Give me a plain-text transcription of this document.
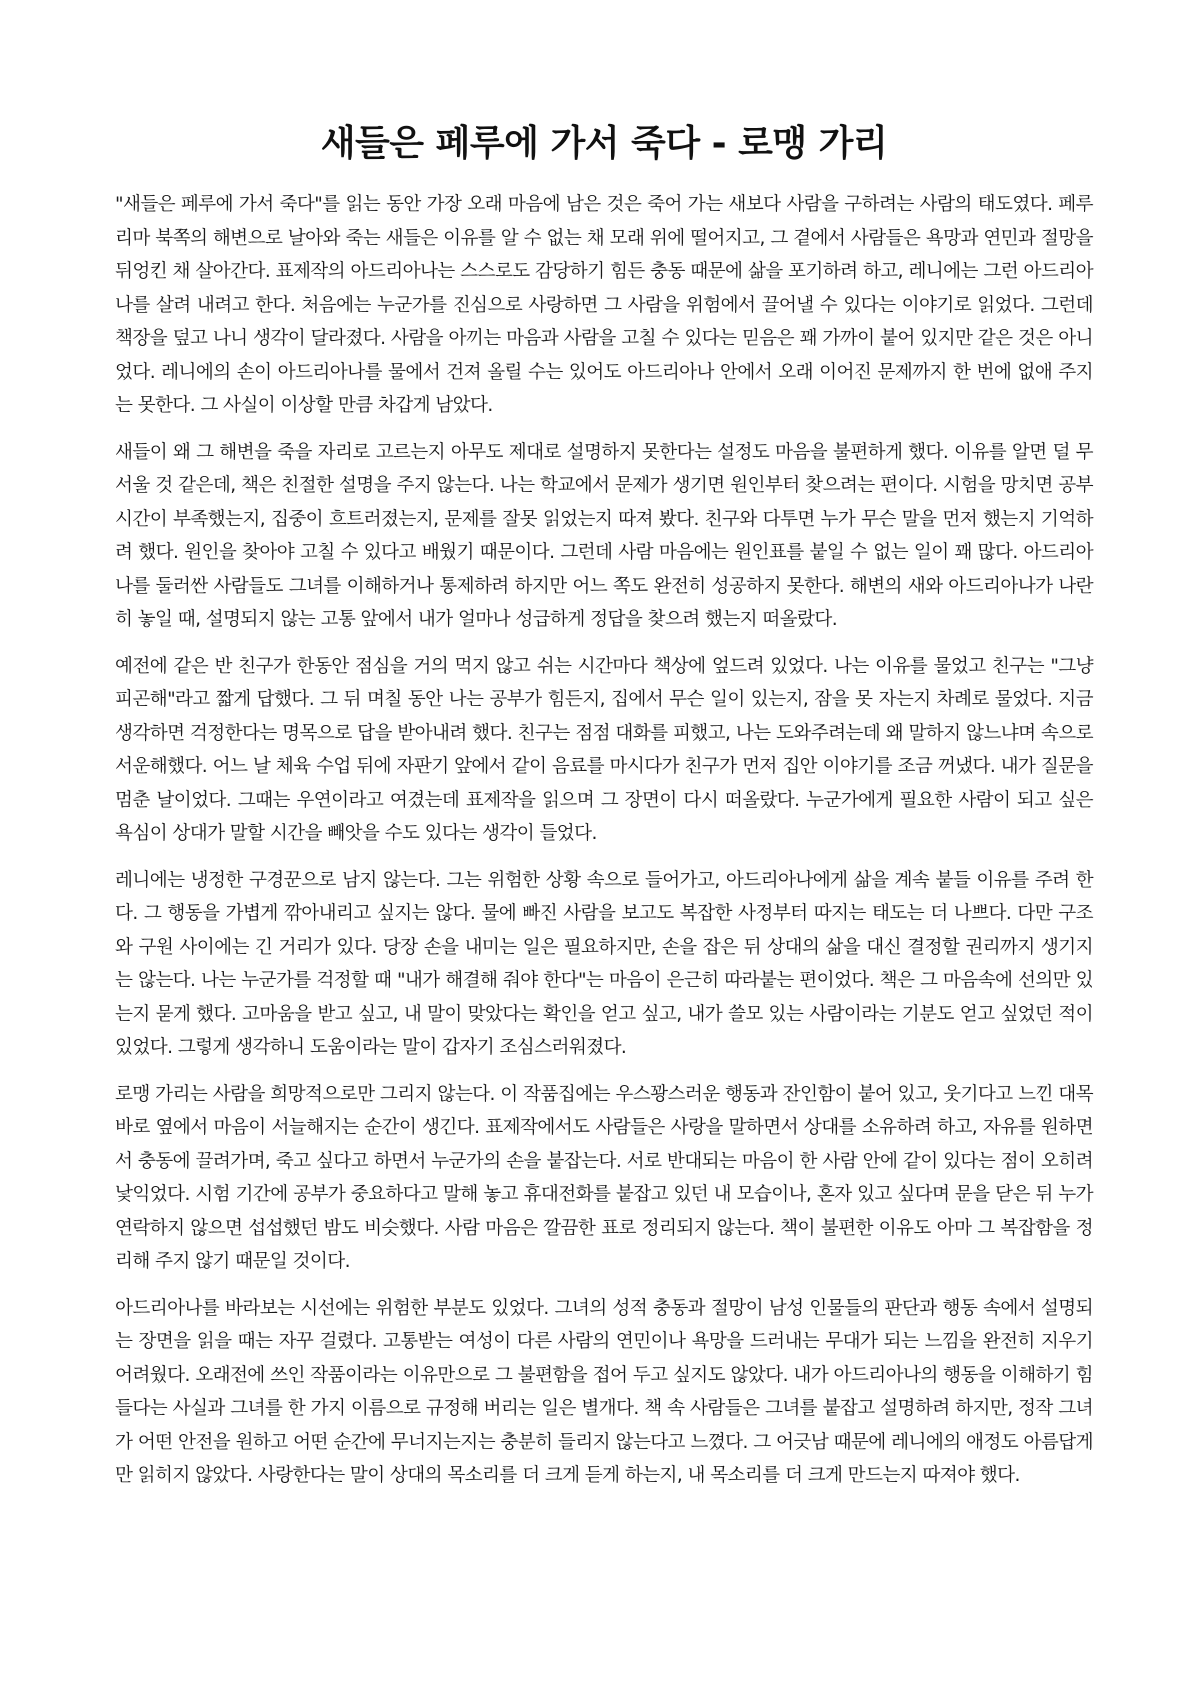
새들은 페루에 가서 죽다 - 로맹 가리

"새들은 페루에 가서 죽다"를 읽는 동안 가장 오래 마음에 남은 것은 죽어 가는 새보다 사람을 구하려는 사람의 태도였다. 페루 리마 북쪽의 해변으로 날아와 죽는 새들은 이유를 알 수 없는 채 모래 위에 떨어지고, 그 곁에서 사람들은 욕망과 연민과 절망을 뒤엉킨 채 살아간다. 표제작의 아드리아나는 스스로도 감당하기 힘든 충동 때문에 삶을 포기하려 하고, 레니에는 그런 아드리아나를 살려 내려고 한다. 처음에는 누군가를 진심으로 사랑하면 그 사람을 위험에서 끌어낼 수 있다는 이야기로 읽었다. 그런데 책장을 덮고 나니 생각이 달라졌다. 사람을 아끼는 마음과 사람을 고칠 수 있다는 믿음은 꽤 가까이 붙어 있지만 같은 것은 아니었다. 레니에의 손이 아드리아나를 물에서 건져 올릴 수는 있어도 아드리아나 안에서 오래 이어진 문제까지 한 번에 없애 주지는 못한다. 그 사실이 이상할 만큼 차갑게 남았다.

새들이 왜 그 해변을 죽을 자리로 고르는지 아무도 제대로 설명하지 못한다는 설정도 마음을 불편하게 했다. 이유를 알면 덜 무서울 것 같은데, 책은 친절한 설명을 주지 않는다. 나는 학교에서 문제가 생기면 원인부터 찾으려는 편이다. 시험을 망치면 공부 시간이 부족했는지, 집중이 흐트러졌는지, 문제를 잘못 읽었는지 따져 봤다. 친구와 다투면 누가 무슨 말을 먼저 했는지 기억하려 했다. 원인을 찾아야 고칠 수 있다고 배웠기 때문이다. 그런데 사람 마음에는 원인표를 붙일 수 없는 일이 꽤 많다. 아드리아나를 둘러싼 사람들도 그녀를 이해하거나 통제하려 하지만 어느 쪽도 완전히 성공하지 못한다. 해변의 새와 아드리아나가 나란히 놓일 때, 설명되지 않는 고통 앞에서 내가 얼마나 성급하게 정답을 찾으려 했는지 떠올랐다.

예전에 같은 반 친구가 한동안 점심을 거의 먹지 않고 쉬는 시간마다 책상에 엎드려 있었다. 나는 이유를 물었고 친구는 "그냥 피곤해"라고 짧게 답했다. 그 뒤 며칠 동안 나는 공부가 힘든지, 집에서 무슨 일이 있는지, 잠을 못 자는지 차례로 물었다. 지금 생각하면 걱정한다는 명목으로 답을 받아내려 했다. 친구는 점점 대화를 피했고, 나는 도와주려는데 왜 말하지 않느냐며 속으로 서운해했다. 어느 날 체육 수업 뒤에 자판기 앞에서 같이 음료를 마시다가 친구가 먼저 집안 이야기를 조금 꺼냈다. 내가 질문을 멈춘 날이었다. 그때는 우연이라고 여겼는데 표제작을 읽으며 그 장면이 다시 떠올랐다. 누군가에게 필요한 사람이 되고 싶은 욕심이 상대가 말할 시간을 빼앗을 수도 있다는 생각이 들었다.

레니에는 냉정한 구경꾼으로 남지 않는다. 그는 위험한 상황 속으로 들어가고, 아드리아나에게 삶을 계속 붙들 이유를 주려 한다. 그 행동을 가볍게 깎아내리고 싶지는 않다. 물에 빠진 사람을 보고도 복잡한 사정부터 따지는 태도는 더 나쁘다. 다만 구조와 구원 사이에는 긴 거리가 있다. 당장 손을 내미는 일은 필요하지만, 손을 잡은 뒤 상대의 삶을 대신 결정할 권리까지 생기지는 않는다. 나는 누군가를 걱정할 때 "내가 해결해 줘야 한다"는 마음이 은근히 따라붙는 편이었다. 책은 그 마음속에 선의만 있는지 묻게 했다. 고마움을 받고 싶고, 내 말이 맞았다는 확인을 얻고 싶고, 내가 쓸모 있는 사람이라는 기분도 얻고 싶었던 적이 있었다. 그렇게 생각하니 도움이라는 말이 갑자기 조심스러워졌다.

로맹 가리는 사람을 희망적으로만 그리지 않는다. 이 작품집에는 우스꽝스러운 행동과 잔인함이 붙어 있고, 웃기다고 느낀 대목 바로 옆에서 마음이 서늘해지는 순간이 생긴다. 표제작에서도 사람들은 사랑을 말하면서 상대를 소유하려 하고, 자유를 원하면서 충동에 끌려가며, 죽고 싶다고 하면서 누군가의 손을 붙잡는다. 서로 반대되는 마음이 한 사람 안에 같이 있다는 점이 오히려 낯익었다. 시험 기간에 공부가 중요하다고 말해 놓고 휴대전화를 붙잡고 있던 내 모습이나, 혼자 있고 싶다며 문을 닫은 뒤 누가 연락하지 않으면 섭섭했던 밤도 비슷했다. 사람 마음은 깔끔한 표로 정리되지 않는다. 책이 불편한 이유도 아마 그 복잡함을 정리해 주지 않기 때문일 것이다.

아드리아나를 바라보는 시선에는 위험한 부분도 있었다. 그녀의 성적 충동과 절망이 남성 인물들의 판단과 행동 속에서 설명되는 장면을 읽을 때는 자꾸 걸렸다. 고통받는 여성이 다른 사람의 연민이나 욕망을 드러내는 무대가 되는 느낌을 완전히 지우기 어려웠다. 오래전에 쓰인 작품이라는 이유만으로 그 불편함을 접어 두고 싶지도 않았다. 내가 아드리아나의 행동을 이해하기 힘들다는 사실과 그녀를 한 가지 이름으로 규정해 버리는 일은 별개다. 책 속 사람들은 그녀를 붙잡고 설명하려 하지만, 정작 그녀가 어떤 안전을 원하고 어떤 순간에 무너지는지는 충분히 들리지 않는다고 느꼈다. 그 어긋남 때문에 레니에의 애정도 아름답게만 읽히지 않았다. 사랑한다는 말이 상대의 목소리를 더 크게 듣게 하는지, 내 목소리를 더 크게 만드는지 따져야 했다.
